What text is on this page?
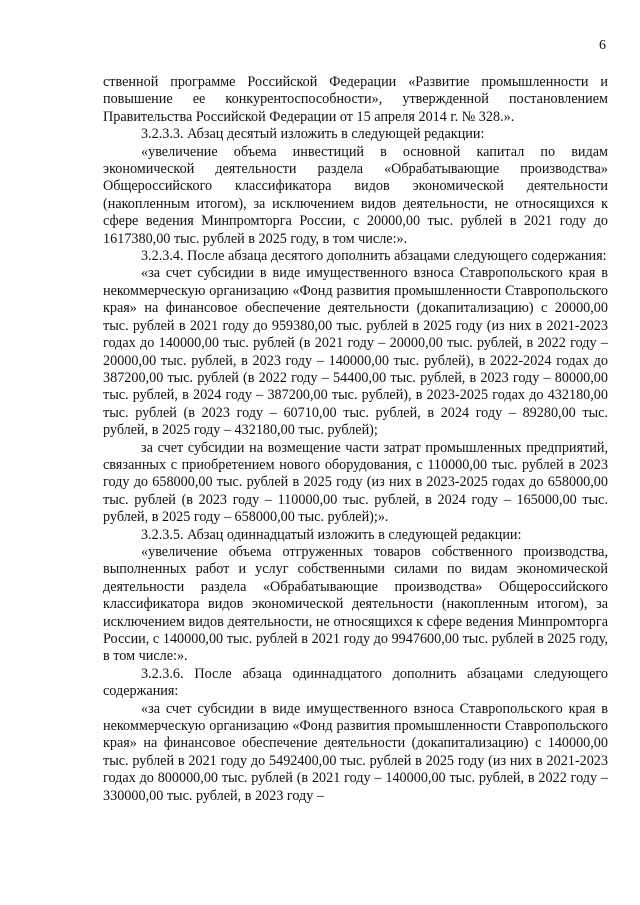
6

ственной программе Российской Федерации «Развитие промышленности и повышение ее конкурентоспособности», утвержденной постановлением Правительства Российской Федерации от 15 апреля 2014 г. № 328.».

3.2.3.3. Абзац десятый изложить в следующей редакции:

«увеличение объема инвестиций в основной капитал по видам экономической деятельности раздела «Обрабатывающие производства» Общероссийского классификатора видов экономической деятельности (накопленным итогом), за исключением видов деятельности, не относящихся к сфере ведения Минпромторга России, с 20000,00 тыс. рублей в 2021 году до 1617380,00 тыс. рублей в 2025 году, в том числе:».

3.2.3.4. После абзаца десятого дополнить абзацами следующего содержания:

«за счет субсидии в виде имущественного взноса Ставропольского края в некоммерческую организацию «Фонд развития промышленности Ставропольского края» на финансовое обеспечение деятельности (докапитализацию) с 20000,00 тыс. рублей в 2021 году до 959380,00 тыс. рублей в 2025 году (из них в 2021-2023 годах до 140000,00 тыс. рублей (в 2021 году – 20000,00 тыс. рублей, в 2022 году – 20000,00 тыс. рублей, в 2023 году – 140000,00 тыс. рублей), в 2022-2024 годах до 387200,00 тыс. рублей (в 2022 году – 54400,00 тыс. рублей, в 2023 году – 80000,00 тыс. рублей, в 2024 году – 387200,00 тыс. рублей), в 2023-2025 годах до 432180,00 тыс. рублей (в 2023 году – 60710,00 тыс. рублей, в 2024 году – 89280,00 тыс. рублей, в 2025 году – 432180,00 тыс. рублей);

за счет субсидии на возмещение части затрат промышленных предприятий, связанных с приобретением нового оборудования, с 110000,00 тыс. рублей в 2023 году до 658000,00 тыс. рублей в 2025 году (из них в 2023-2025 годах до 658000,00 тыс. рублей (в 2023 году – 110000,00 тыс. рублей, в 2024 году – 165000,00 тыс. рублей, в 2025 году – 658000,00 тыс. рублей);».

3.2.3.5. Абзац одиннадцатый изложить в следующей редакции:

«увеличение объема отгруженных товаров собственного производства, выполненных работ и услуг собственными силами по видам экономической деятельности раздела «Обрабатывающие производства» Общероссийского классификатора видов экономической деятельности (накопленным итогом), за исключением видов деятельности, не относящихся к сфере ведения Минпромторга России, с 140000,00 тыс. рублей в 2021 году до 9947600,00 тыс. рублей в 2025 году, в том числе:».

3.2.3.6. После абзаца одиннадцатого дополнить абзацами следующего содержания:

«за счет субсидии в виде имущественного взноса Ставропольского края в некоммерческую организацию «Фонд развития промышленности Ставропольского края» на финансовое обеспечение деятельности (докапитализацию) с 140000,00 тыс. рублей в 2021 году до 5492400,00 тыс. рублей в 2025 году (из них в 2021-2023 годах до 800000,00 тыс. рублей (в 2021 году – 140000,00 тыс. рублей, в 2022 году – 330000,00 тыс. рублей, в 2023 году –
